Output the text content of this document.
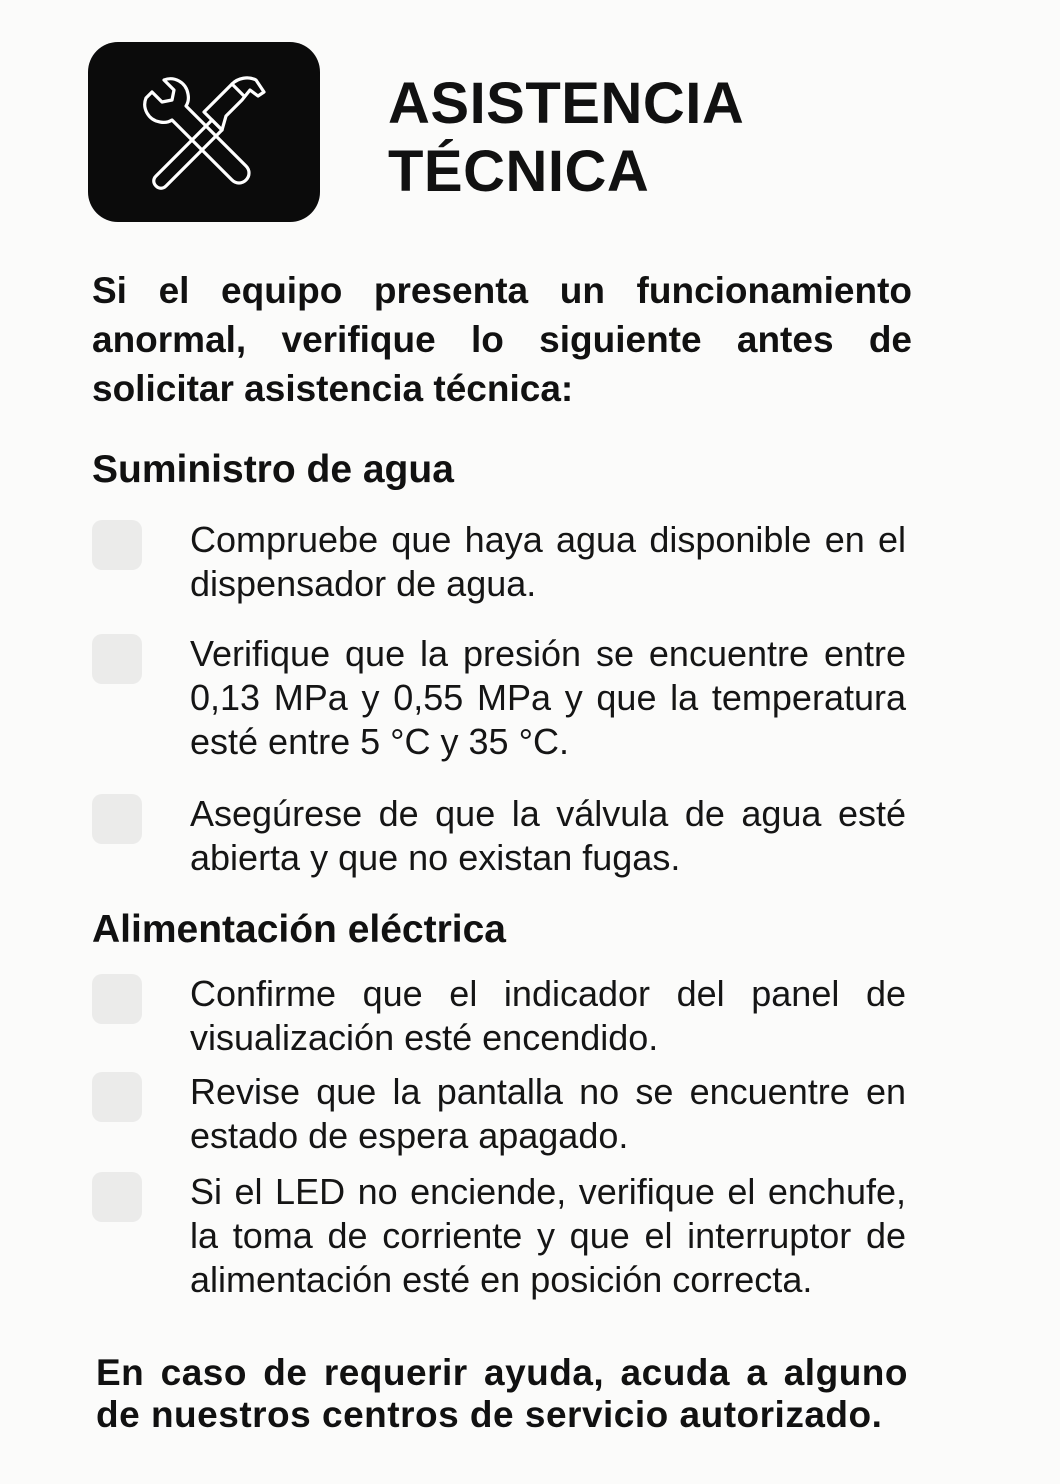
ASISTENCIA
TÉCNICA

Si el equipo presenta un funcionamiento anormal, verifique lo siguiente antes de solicitar asistencia técnica:

Suministro de agua

Compruebe que haya agua disponible en el dispensador de agua.

Verifique que la presión se encuentre entre 0,13 MPa y 0,55 MPa y que la temperatura esté entre 5 °C y 35 °C.

Asegúrese de que la válvula de agua esté abierta y que no existan fugas.

Alimentación eléctrica

Confirme que el indicador del panel de visualización esté encendido.

Revise que la pantalla no se encuentre en estado de espera apagado.

Si el LED no enciende, verifique el enchufe, la toma de corriente y que el interruptor de alimentación esté en posición correcta.

En caso de requerir ayuda, acuda a alguno de nuestros centros de servicio autorizado.
